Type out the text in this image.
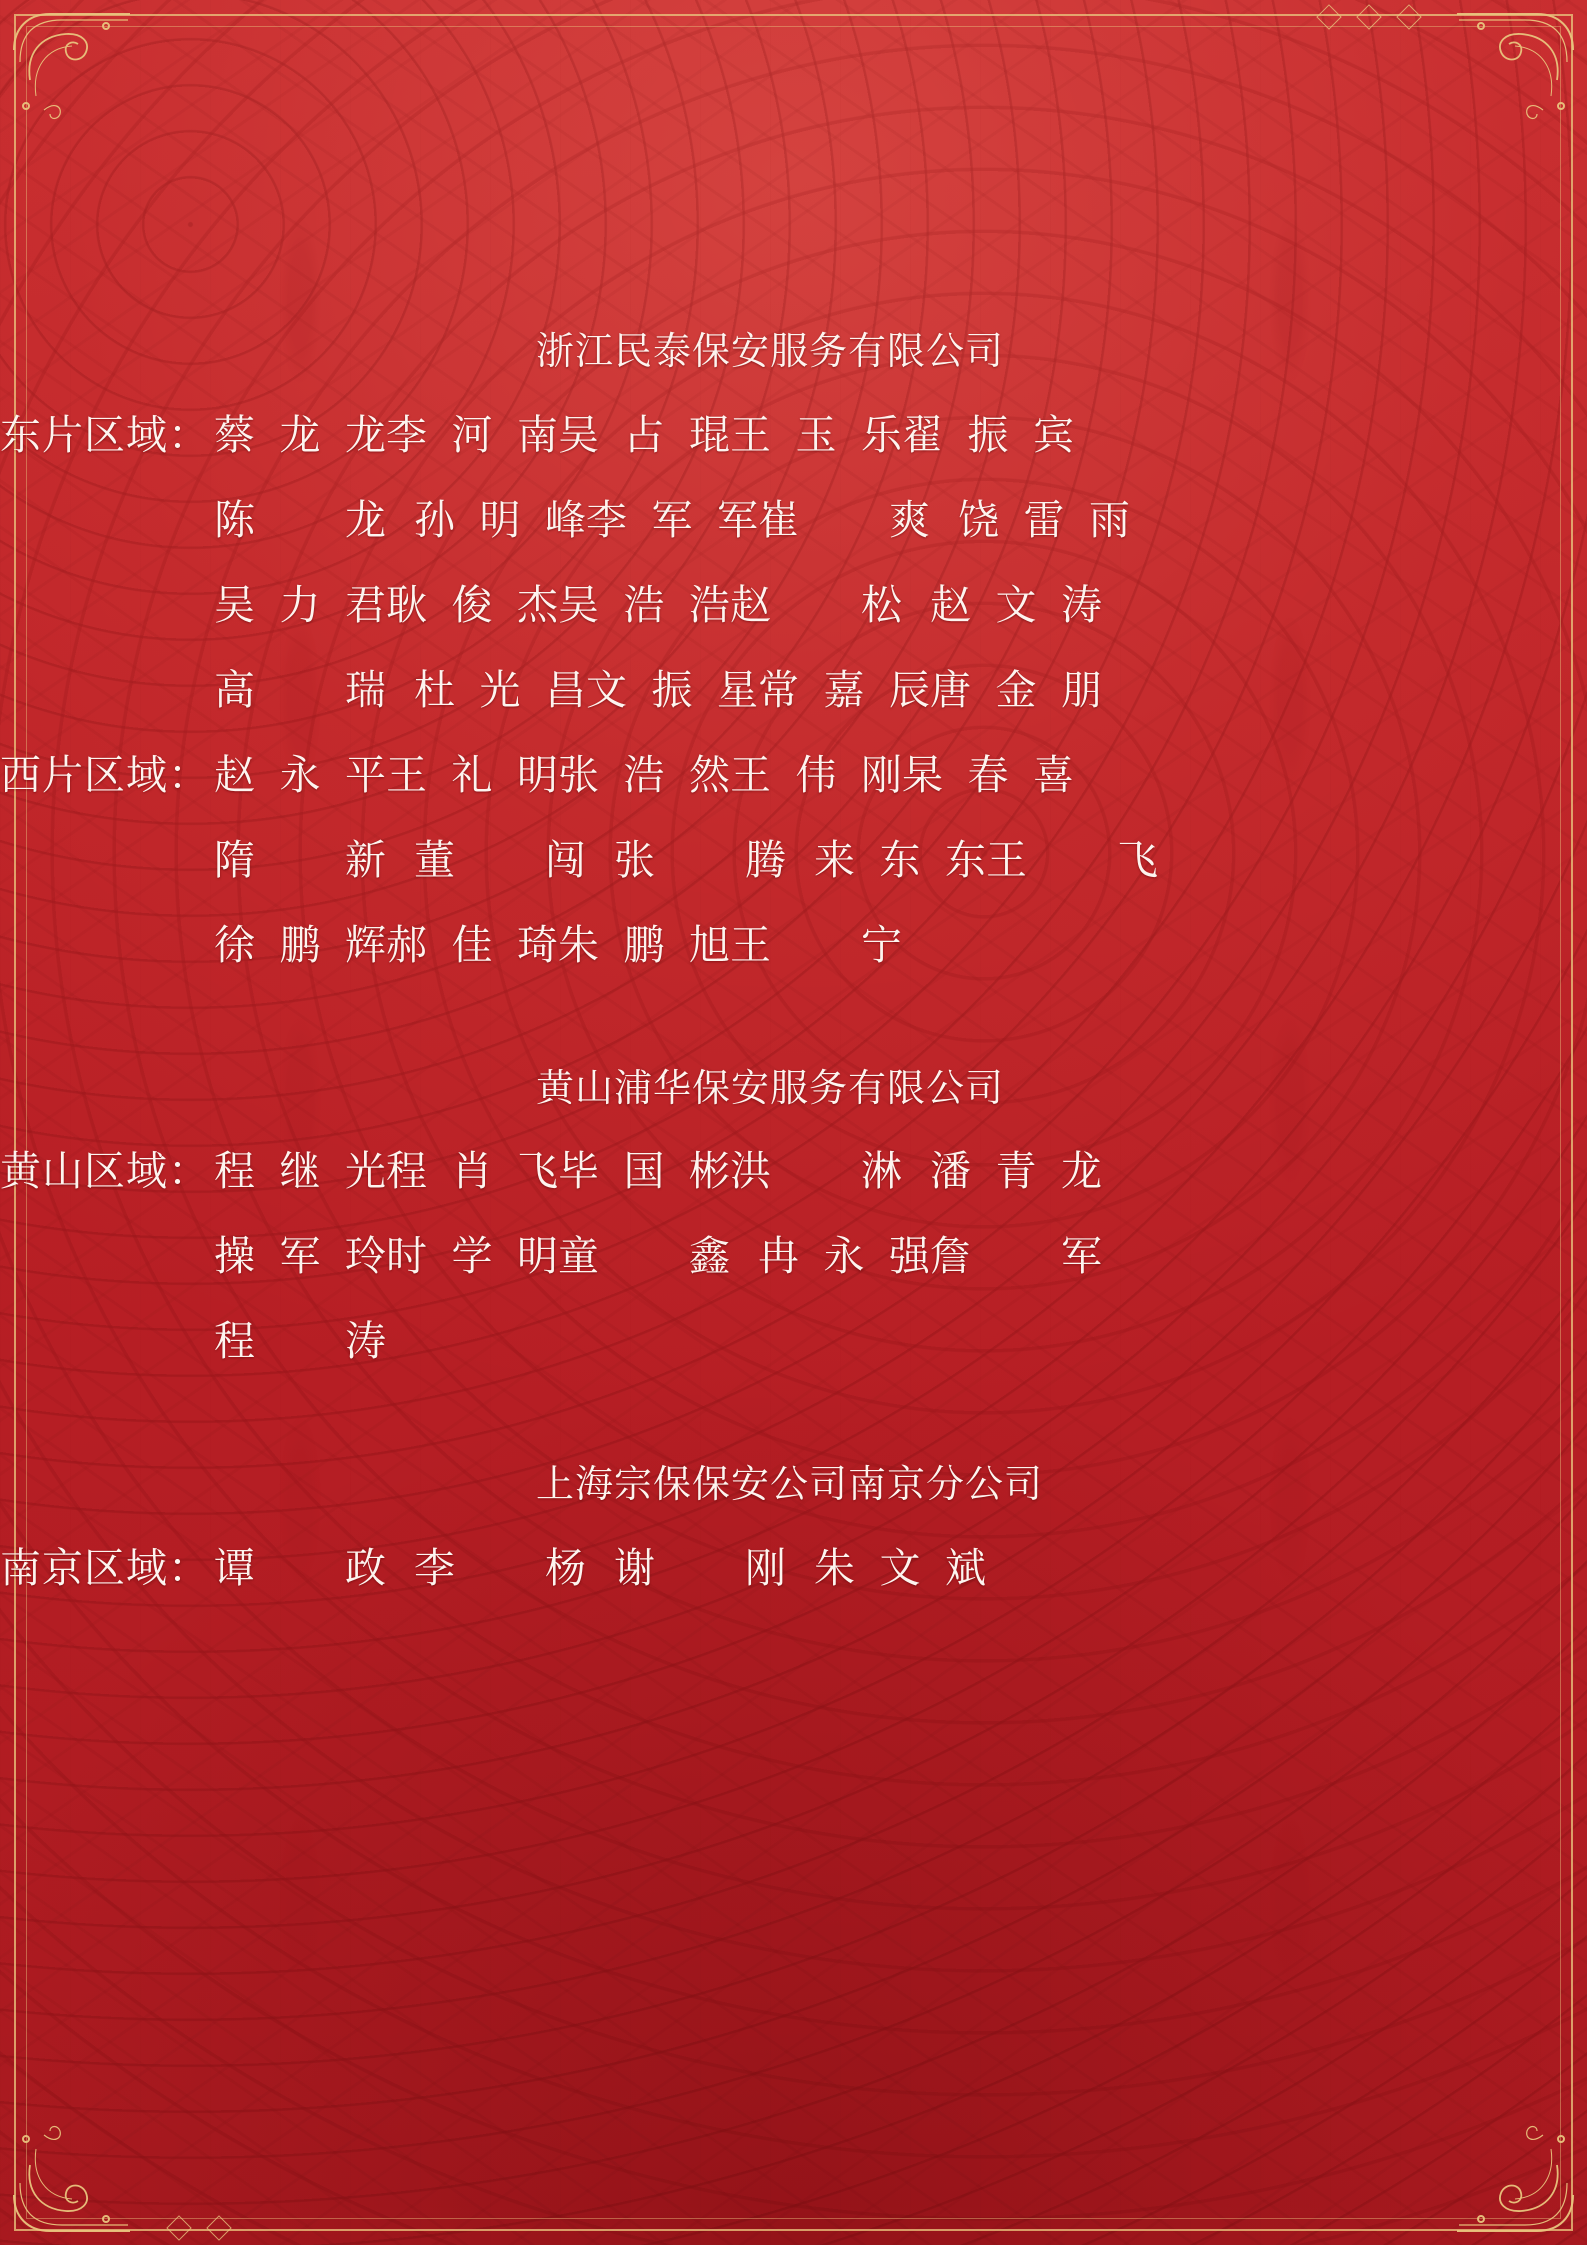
浙江民泰保安服务有限公司
东片区域： 蔡 龙 龙 李 河 南 吴 占 琨 王 玉 乐 翟 振 宾
陈 龙 孙 明 峰 李 军 军 崔 爽 饶 雷 雨
吴 力 君 耿 俊 杰 吴 浩 浩 赵 松 赵 文 涛
高 瑞 杜 光 昌 文 振 星 常 嘉 辰 唐 金 朋
西片区域： 赵 永 平 王 礼 明 张 浩 然 王 伟 刚 杲 春 喜
隋 新 董 闯 张 腾 来 东 东 王 飞
徐 鹏 辉 郝 佳 琦 朱 鹏 旭 王 宁
黄山浦华保安服务有限公司
黄山区域： 程 继 光 程 肖 飞 毕 国 彬 洪 淋 潘 青 龙
操 军 玲 时 学 明 童 鑫 冉 永 强 詹 军
程 涛
上海宗保保安公司南京分公司
南京区域： 谭 政 李 杨 谢 刚 朱 文 斌
